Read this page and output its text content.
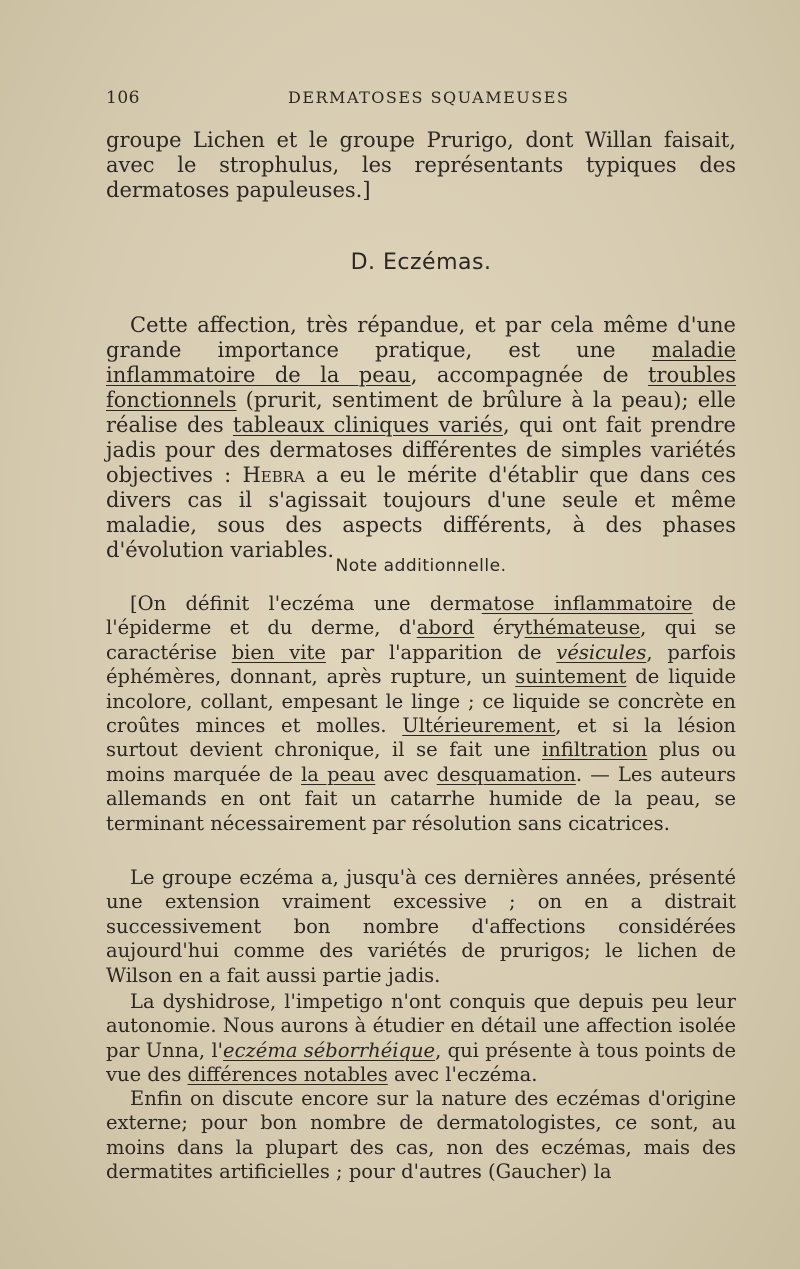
106	DERMATOSES SQUAMEUSES

groupe Lichen et le groupe Prurigo, dont Willan faisait, avec le strophulus, les représentants typiques des dermatoses papuleuses.]

D. Eczémas.

Cette affection, très répandue, et par cela même d'une grande importance pratique, est une maladie inflammatoire de la peau, accompagnée de troubles fonctionnels (prurit, sentiment de brûlure à la peau); elle réalise des tableaux cliniques variés, qui ont fait prendre jadis pour des dermatoses différentes de simples variétés objectives : Hebra a eu le mérite d'établir que dans ces divers cas il s'agissait toujours d'une seule et même maladie, sous des aspects différents, à des phases d'évolution variables.

Note additionnelle.

[On définit l'eczéma une dermatose inflammatoire de l'épiderme et du derme, d'abord érythémateuse, qui se caractérise bien vite par l'apparition de vésicules, parfois éphémères, donnant, après rupture, un suintement de liquide incolore, collant, empesant le linge ; ce liquide se concrète en croûtes minces et molles. Ultérieurement, et si la lésion surtout devient chronique, il se fait une infiltration plus ou moins marquée de la peau avec desquamation. — Les auteurs allemands en ont fait un catarrhe humide de la peau, se terminant nécessairement par résolution sans cicatrices.

Le groupe eczéma a, jusqu'à ces dernières années, présenté une extension vraiment excessive ; on en a distrait successivement bon nombre d'affections considérées aujourd'hui comme des variétés de prurigos; le lichen de Wilson en a fait aussi partie jadis.

La dyshidrose, l'impetigo n'ont conquis que depuis peu leur autonomie. Nous aurons à étudier en détail une affection isolée par Unna, l'eczéma séborrhéique, qui présente à tous points de vue des différences notables avec l'eczéma.

Enfin on discute encore sur la nature des eczémas d'origine externe; pour bon nombre de dermatologistes, ce sont, au moins dans la plupart des cas, non des eczémas, mais des dermatites artificielles ; pour d'autres (Gaucher) la
